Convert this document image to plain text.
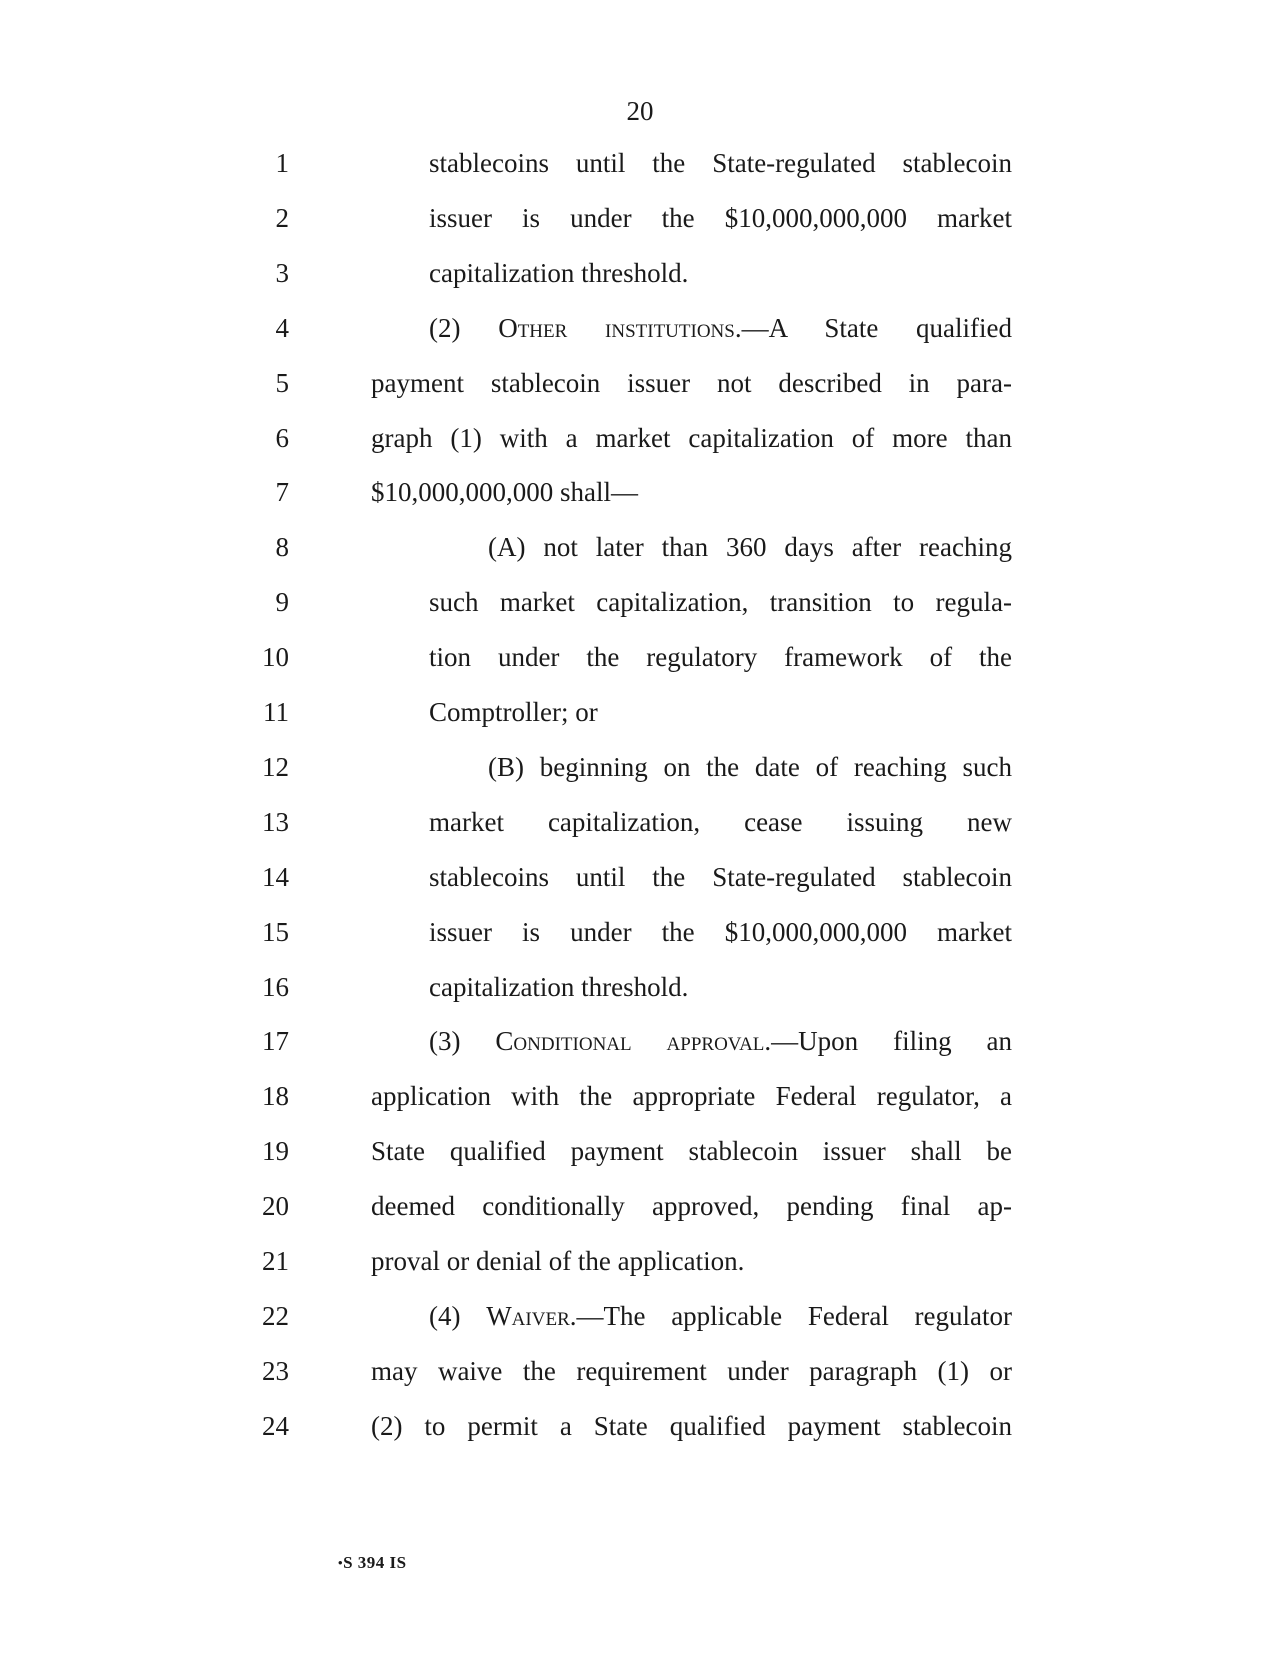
20
1	stablecoins until the State-regulated stablecoin
2	issuer is under the $10,000,000,000 market
3	capitalization threshold.
4	(2) Other institutions.—A State qualified
5	payment stablecoin issuer not described in para-
6	graph (1) with a market capitalization of more than
7	$10,000,000,000 shall—
8	(A) not later than 360 days after reaching
9	such market capitalization, transition to regula-
10	tion under the regulatory framework of the
11	Comptroller; or
12	(B) beginning on the date of reaching such
13	market capitalization, cease issuing new
14	stablecoins until the State-regulated stablecoin
15	issuer is under the $10,000,000,000 market
16	capitalization threshold.
17	(3) Conditional approval.—Upon filing an
18	application with the appropriate Federal regulator, a
19	State qualified payment stablecoin issuer shall be
20	deemed conditionally approved, pending final ap-
21	proval or denial of the application.
22	(4) Waiver.—The applicable Federal regulator
23	may waive the requirement under paragraph (1) or
24	(2) to permit a State qualified payment stablecoin
•S 394 IS
